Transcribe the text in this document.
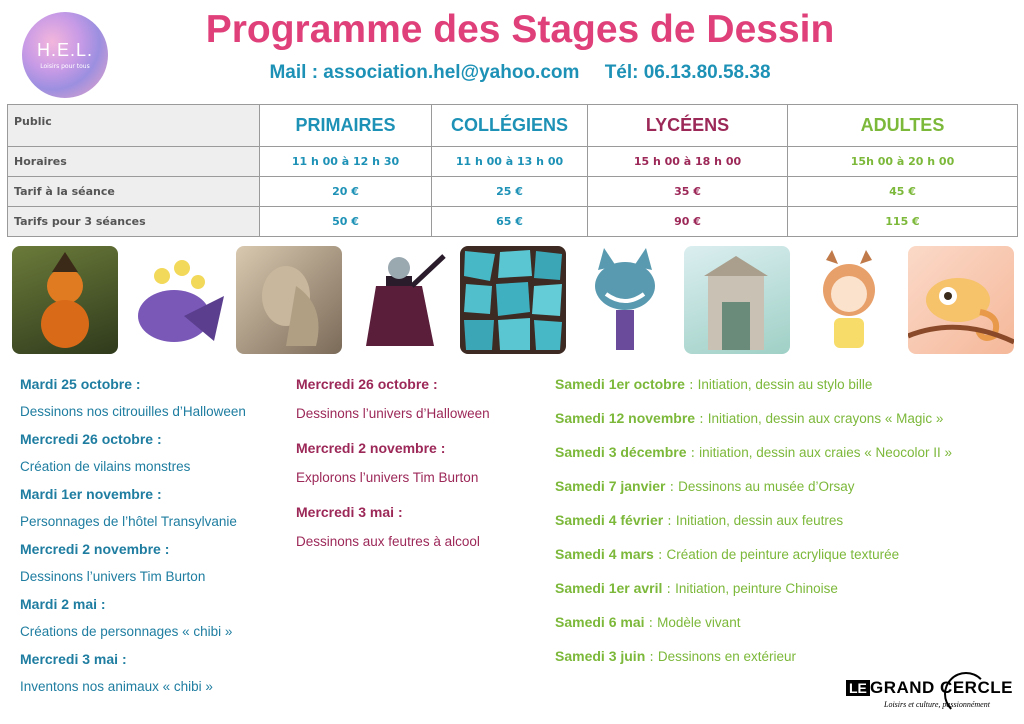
H.E.L.
Loisirs pour tous
Programme des Stages de Dessin
Mail : association.hel@yahoo.com Tél: 06.13.80.58.38
Public	PRIMAIRES	COLLÉGIENS	LYCÉENS	ADULTES
Horaires	11 h 00 à 12 h 30	11 h 00 à 13 h 00	15 h 00 à 18 h 00	15h 00 à 20 h 00
Tarif à la séance	20 €	25 €	35 €	45 €
Tarifs pour 3 séances	50 €	65 €	90 €	115 €
Mardi 25 octobre :
Dessinons nos citrouilles d’Halloween
Mercredi 26 octobre :
Création de vilains monstres
Mardi 1er novembre :
Personnages de l’hôtel Transylvanie
Mercredi 2 novembre :
Dessinons l’univers Tim Burton
Mardi 2 mai :
Créations de personnages « chibi »
Mercredi 3 mai :
Inventons nos animaux « chibi »
Mercredi 26 octobre :
Dessinons l’univers d’Halloween
Mercredi 2 novembre :
Explorons l’univers Tim Burton
Mercredi 3 mai :
Dessinons aux feutres à alcool
Samedi 1er octobre : Initiation, dessin au stylo bille
Samedi 12 novembre : Initiation, dessin aux crayons « Magic »
Samedi 3 décembre : initiation, dessin aux craies « Neocolor II »
Samedi 7 janvier : Dessinons au musée d’Orsay
Samedi 4 février : Initiation, dessin aux feutres
Samedi 4 mars : Création de peinture acrylique texturée
Samedi 1er avril : Initiation, peinture Chinoise
Samedi 6 mai : Modèle vivant
Samedi 3 juin : Dessinons en extérieur
LE GRAND CERCLE
Loisirs et culture, passionnément
